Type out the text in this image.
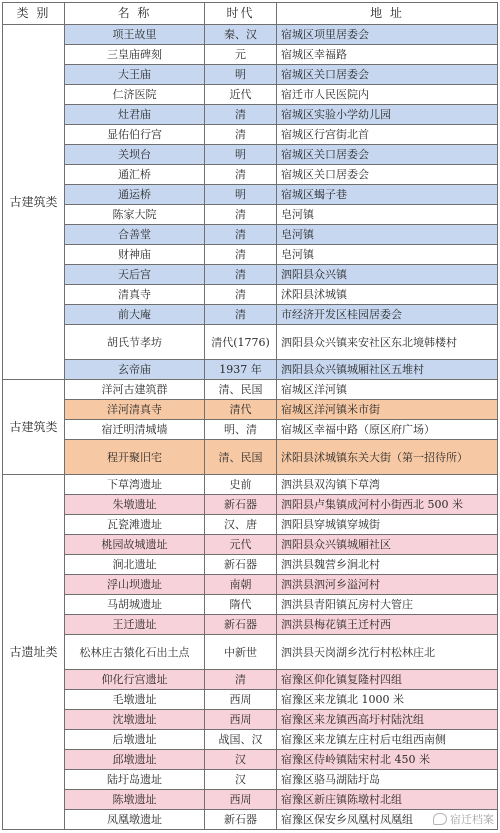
类 别	名 称	时代	地 址
古建筑类	项王故里	秦、汉	宿城区项里居委会
	三皇庙碑刻	元	宿城区幸福路
	大王庙	明	宿城区关口居委会
	仁济医院	近代	宿迁市人民医院内
	灶君庙	清	宿城区实验小学幼儿园
	显佑伯行宫	清	宿城区行宫街北首
	关坝台	明	宿城区关口居委会
	通汇桥	清	宿城区关口居委会
	通运桥	明	宿城区蝎子巷
	陈家大院	清	皂河镇
	合善堂	清	皂河镇
	财神庙	清	皂河镇
	天后宫	清	泗阳县众兴镇
	清真寺	清	沭阳县沭城镇
	前大庵	清	市经济开发区桂园居委会
	胡氏节孝坊	清代(1776)	泗阳县众兴镇来安社区东北境韩楼村
	玄帝庙	1937 年	泗阳县众兴镇城厢社区五堆村
古建筑类	洋河古建筑群	清、民国	宿城区洋河镇
	洋河清真寺	清代	宿城区洋河镇米市街
	宿迁明清城墙	明、清	宿城区幸福中路（原区府广场）
	程开聚旧宅	清、民国	沭阳县沭城镇东关大街（第一招待所）
古遗址类	下草湾遗址	史前	泗洪县双沟镇下草湾
	朱墩遗址	新石器	泗阳县卢集镇成河村小街西北 500 米
	瓦瓷滩遗址	汉、唐	泗阳县穿城镇穿城街
	桃园故城遗址	元代	泗阳县众兴镇城厢社区
	涧北遗址	新石器	泗洪县魏营乡涧北村
	浮山坝遗址	南朝	泗洪县泗河乡溢河村
	马胡城遗址	隋代	泗洪县青阳镇瓦房村大管庄
	王迁遗址	新石器	泗洪县梅花镇王迁村西
	松林庄古猿化石出土点	中新世	泗洪县天岗湖乡沈行村松林庄北
	仰化行宫遗址	清	宿豫区仰化镇复隆村四组
	毛墩遗址	西周	宿豫区来龙镇北 1000 米
	沈墩遗址	西周	宿豫区来龙镇西高圩村陆沈组
	后墩遗址	战国、汉	宿豫区来龙镇左庄村后屯组西南侧
	邱墩遗址	汉	宿豫区侍岭镇陆宋村北 450 米
	陆圩岛遗址	汉	宿豫区骆马湖陆圩岛
	陈墩遗址	西周	宿豫区新庄镇陈墩村北组
	凤凰墩遗址	新石器	宿豫区保安乡凤凰村凤凰组	宿迁档案
